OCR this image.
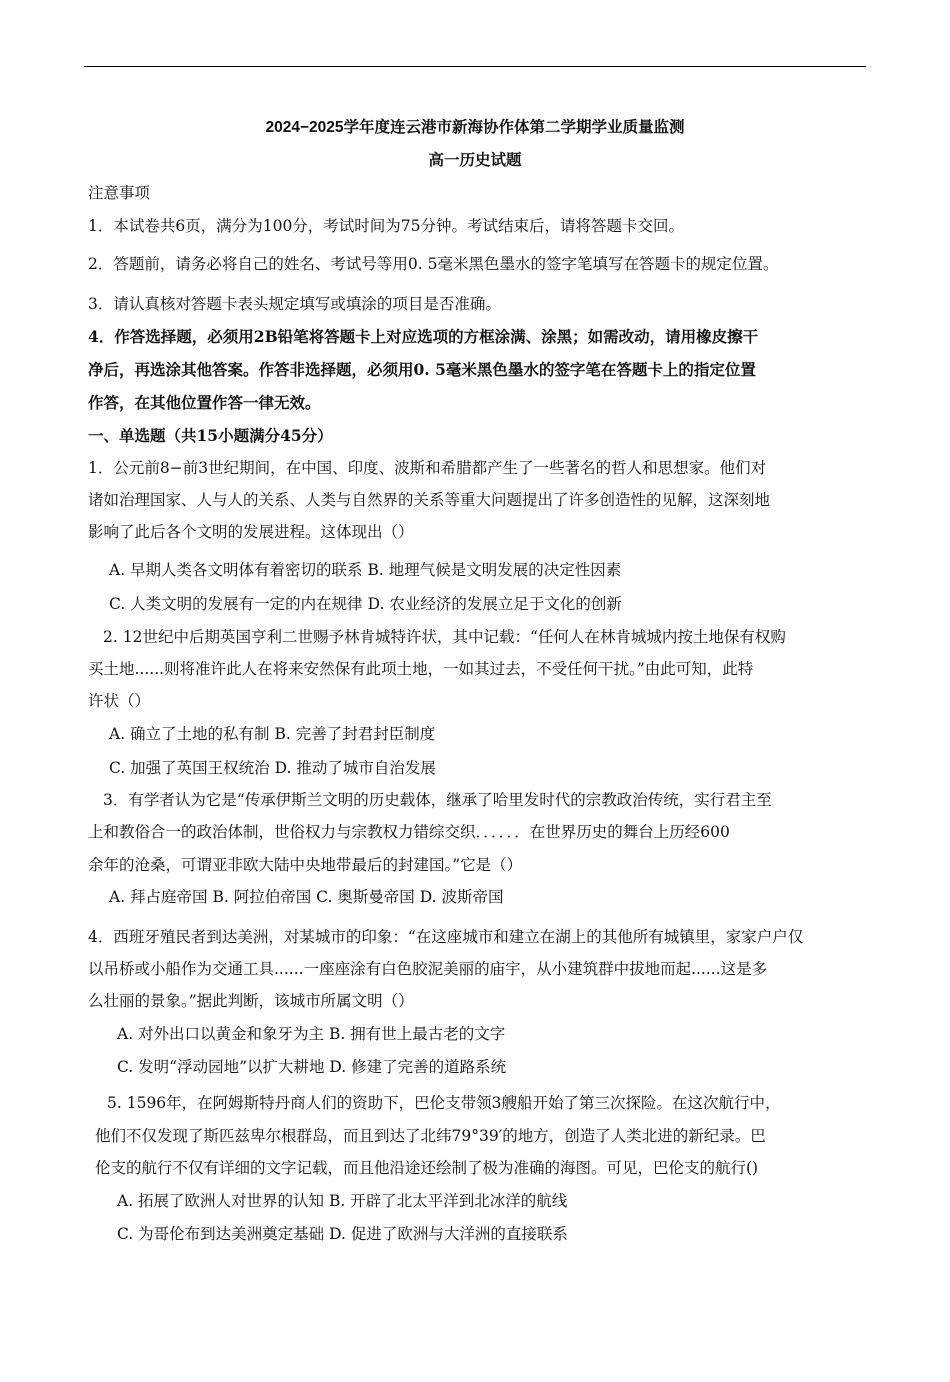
2024−2025学年度连云港市新海协作体第二学期学业质量监测
高一历史试题
注意事项
1．本试卷共6页，满分为100分，考试时间为75分钟。考试结束后，请将答题卡交回。
2．答题前，请务必将自己的姓名、考试号等用0. 5毫米黑色墨水的签字笔填写在答题卡的规定位置。
3．请认真核对答题卡表头规定填写或填涂的项目是否准确。
4．作答选择题，必须用2B铅笔将答题卡上对应选项的方框涂满、涂黑；如需改动，请用橡皮擦干
净后，再选涂其他答案。作答非选择题，必须用0. 5毫米黑色墨水的签字笔在答题卡上的指定位置
作答，在其他位置作答一律无效。
一、单选题（共15小题满分45分）
1．公元前8−前3世纪期间，在中国、印度、波斯和希腊都产生了一些著名的哲人和思想家。他们对
诸如治理国家、人与人的关系、人类与自然界的关系等重大问题提出了许多创造性的见解，这深刻地
影响了此后各个文明的发展进程。这体现出（）
A. 早期人类各文明体有着密切的联系 B. 地理气候是文明发展的决定性因素
C. 人类文明的发展有一定的内在规律 D. 农业经济的发展立足于文化的创新
2. 12世纪中后期英国亨利二世赐予林肯城特许状，其中记载：“任何人在林肯城城内按土地保有权购
买土地......则将准许此人在将来安然保有此项土地，一如其过去，不受任何干扰。”由此可知，此特
许状（）
A. 确立了土地的私有制 B. 完善了封君封臣制度
C. 加强了英国王权统治 D. 推动了城市自治发展
3．有学者认为它是“传承伊斯兰文明的历史载体，继承了哈里发时代的宗教政治传统，实行君主至
上和教俗合一的政治体制，世俗权力与宗教权力错综交织．．．．．．在世界历史的舞台上历经600
余年的沧桑，可谓亚非欧大陆中央地带最后的封建国。”它是（）
A. 拜占庭帝国 B. 阿拉伯帝国 C. 奥斯曼帝国 D. 波斯帝国
4．西班牙殖民者到达美洲，对某城市的印象：“在这座城市和建立在湖上的其他所有城镇里，家家户户仅
以吊桥或小船作为交通工具......一座座涂有白色胶泥美丽的庙宇，从小建筑群中拔地而起......这是多
么壮丽的景象。”据此判断，该城市所属文明（）
A. 对外出口以黄金和象牙为主 B. 拥有世上最古老的文字
C. 发明“浮动园地”以扩大耕地 D. 修建了完善的道路系统
5. 1596年，在阿姆斯特丹商人们的资助下，巴伦支带领3艘船开始了第三次探险。在这次航行中，
他们不仅发现了斯匹兹卑尔根群岛，而且到达了北纬79°39′的地方，创造了人类北进的新纪录。巴
伦支的航行不仅有详细的文字记载，而且他沿途还绘制了极为准确的海图。可见，巴伦支的航行()
A. 拓展了欧洲人对世界的认知 B. 开辟了北太平洋到北冰洋的航线
C. 为哥伦布到达美洲奠定基础 D. 促进了欧洲与大洋洲的直接联系
